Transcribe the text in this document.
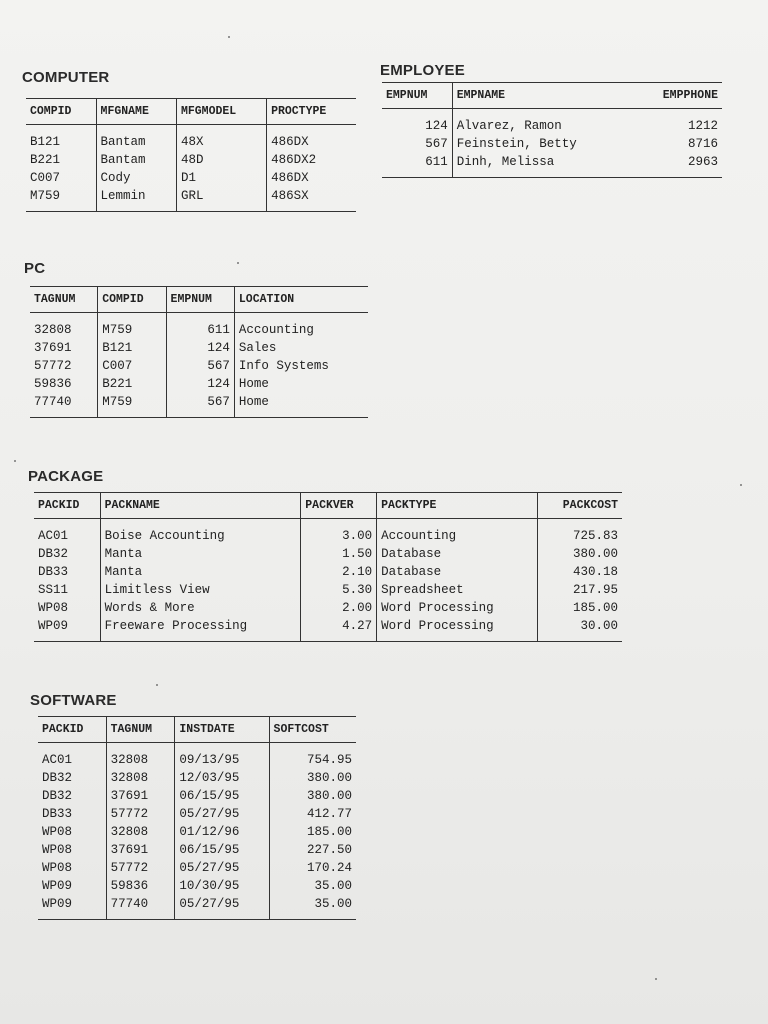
COMPUTER
COMPID	MFGNAME	MFGMODEL	PROCTYPE
B121	Bantam	48X	486DX
B221	Bantam	48D	486DX2
C007	Cody	D1	486DX
M759	Lemmin	GRL	486SX
EMPLOYEE
EMPNUM	EMPNAME	EMPPHONE
124	Alvarez, Ramon	1212
567	Feinstein, Betty	8716
611	Dinh, Melissa	2963
PC
TAGNUM	COMPID	EMPNUM	LOCATION
32808	M759	611	Accounting
37691	B121	124	Sales
57772	C007	567	Info Systems
59836	B221	124	Home
77740	M759	567	Home
PACKAGE
PACKID	PACKNAME	PACKVER	PACKTYPE	PACKCOST
AC01	Boise Accounting	3.00	Accounting	725.83
DB32	Manta	1.50	Database	380.00
DB33	Manta	2.10	Database	430.18
SS11	Limitless View	5.30	Spreadsheet	217.95
WP08	Words & More	2.00	Word Processing	185.00
WP09	Freeware Processing	4.27	Word Processing	30.00
SOFTWARE
PACKID	TAGNUM	INSTDATE	SOFTCOST
AC01	32808	09/13/95	754.95
DB32	32808	12/03/95	380.00
DB32	37691	06/15/95	380.00
DB33	57772	05/27/95	412.77
WP08	32808	01/12/96	185.00
WP08	37691	06/15/95	227.50
WP08	57772	05/27/95	170.24
WP09	59836	10/30/95	35.00
WP09	77740	05/27/95	35.00
